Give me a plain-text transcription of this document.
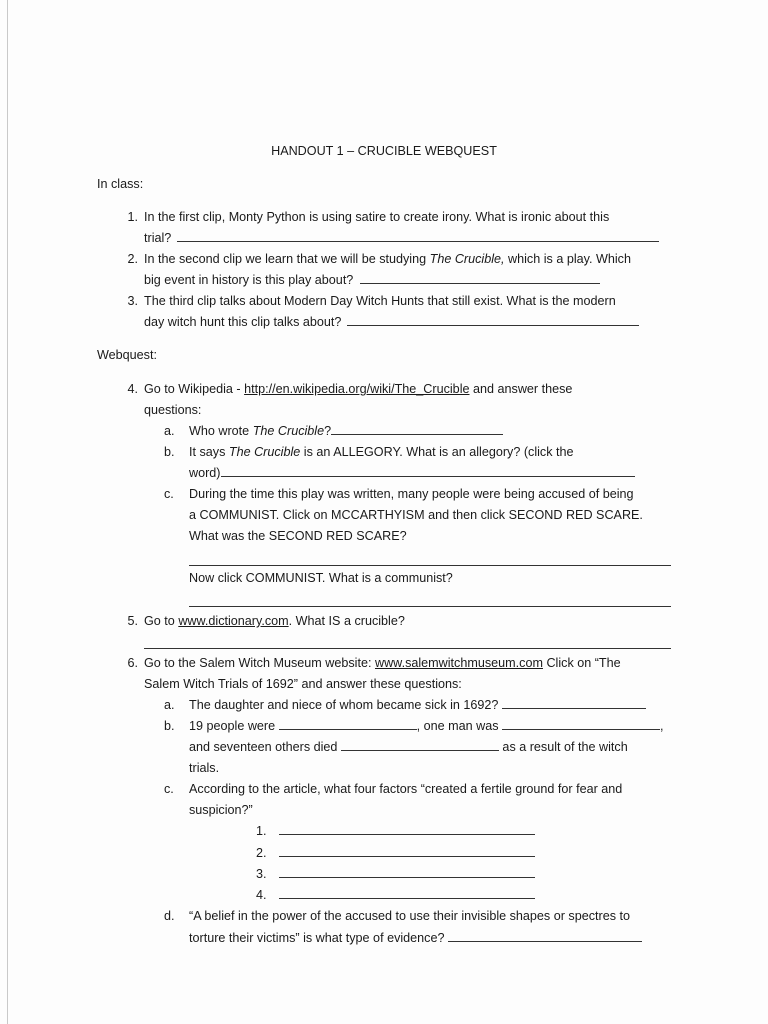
HANDOUT 1 – CRUCIBLE WEBQUEST
In class:
1. In the first clip, Monty Python is using satire to create irony. What is ironic about this
trial?
2. In the second clip we learn that we will be studying The Crucible, which is a play. Which
big event in history is this play about?
3. The third clip talks about Modern Day Witch Hunts that still exist. What is the modern
day witch hunt this clip talks about?
Webquest:
4. Go to Wikipedia - http://en.wikipedia.org/wiki/The_Crucible and answer these
questions:
a. Who wrote The Crucible?
b. It says The Crucible is an ALLEGORY. What is an allegory? (click the
word)
c. During the time this play was written, many people were being accused of being
a COMMUNIST. Click on MCCARTHYISM and then click SECOND RED SCARE.
What was the SECOND RED SCARE?
Now click COMMUNIST. What is a communist?
5. Go to www.dictionary.com. What IS a crucible?
6. Go to the Salem Witch Museum website: www.salemwitchmuseum.com Click on “The
Salem Witch Trials of 1692” and answer these questions:
a. The daughter and niece of whom became sick in 1692?
b. 19 people were	, one man was	,
and seventeen others died	as a result of the witch
trials.
c. According to the article, what four factors “created a fertile ground for fear and
suspicion?”
1.
2.
3.
4.
d. “A belief in the power of the accused to use their invisible shapes or spectres to
torture their victims” is what type of evidence?
